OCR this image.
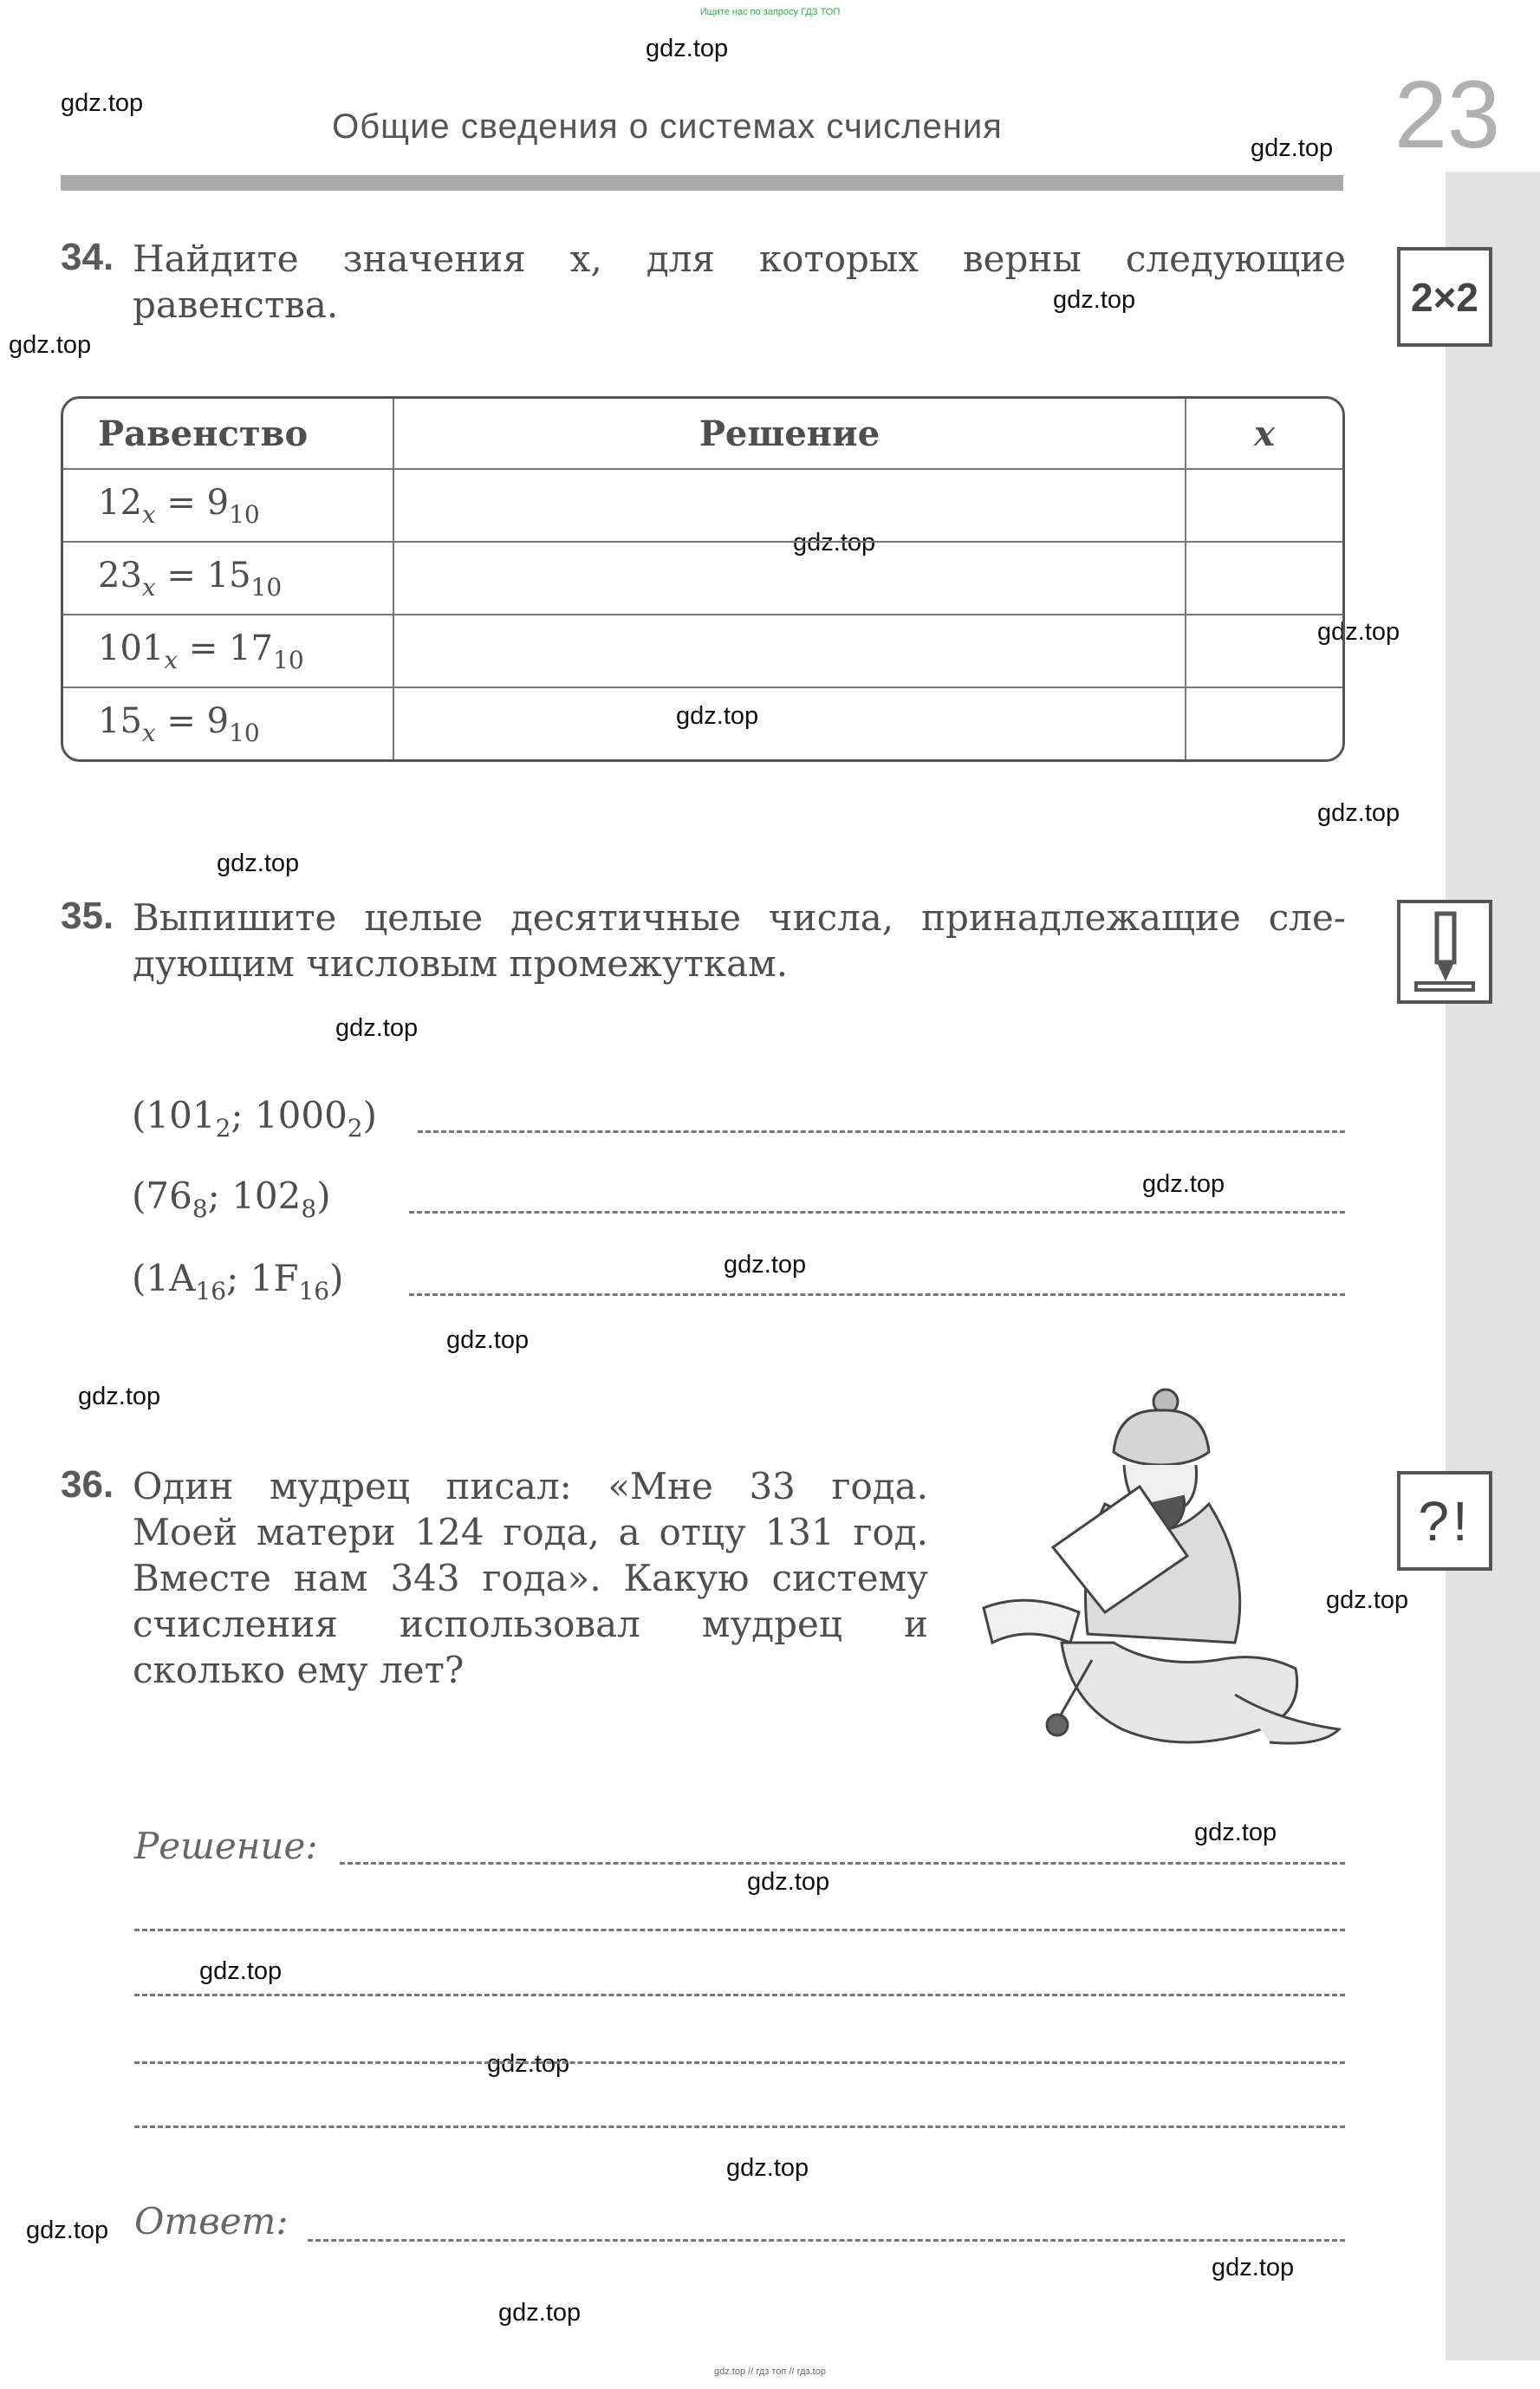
Ищите нас по запросу ГДЗ ТОП
23
Общие сведения о системах счисления
gdz.top
gdz.top
gdz.top
gdz.top
gdz.top
gdz.top
gdz.top
gdz.top
gdz.top
gdz.top
gdz.top
gdz.top
gdz.top
gdz.top
gdz.top
gdz.top
gdz.top
gdz.top
gdz.top
gdz.top
gdz.top
gdz.top
gdz.top
gdz.top
34. Найдите значения x, для которых верны следующие
равенства.	2×2
Равенство	Решение	x
$12_x = 9_{10}$		
$23_x = 15_{10}$		
$101_x = 17_{10}$		
$15_x = 9_{10}$		
35. Выпишите целые десятичные числа, принадлежащие сле-
дующим числовым промежуткам.
($101_2$; $1000_2$)
($76_8$; $102_8$)
($1A_{16}$; $1F_{16}$)
36. Один мудрец писал: «Мне 33 года.
Моей матери 124 года, а отцу 131 год.
Вместе нам 343 года». Какую систему
счисления использовал мудрец и
сколько ему лет?
?!
Решение:
Ответ:
gdz.top // гдз топ // гдз.top
